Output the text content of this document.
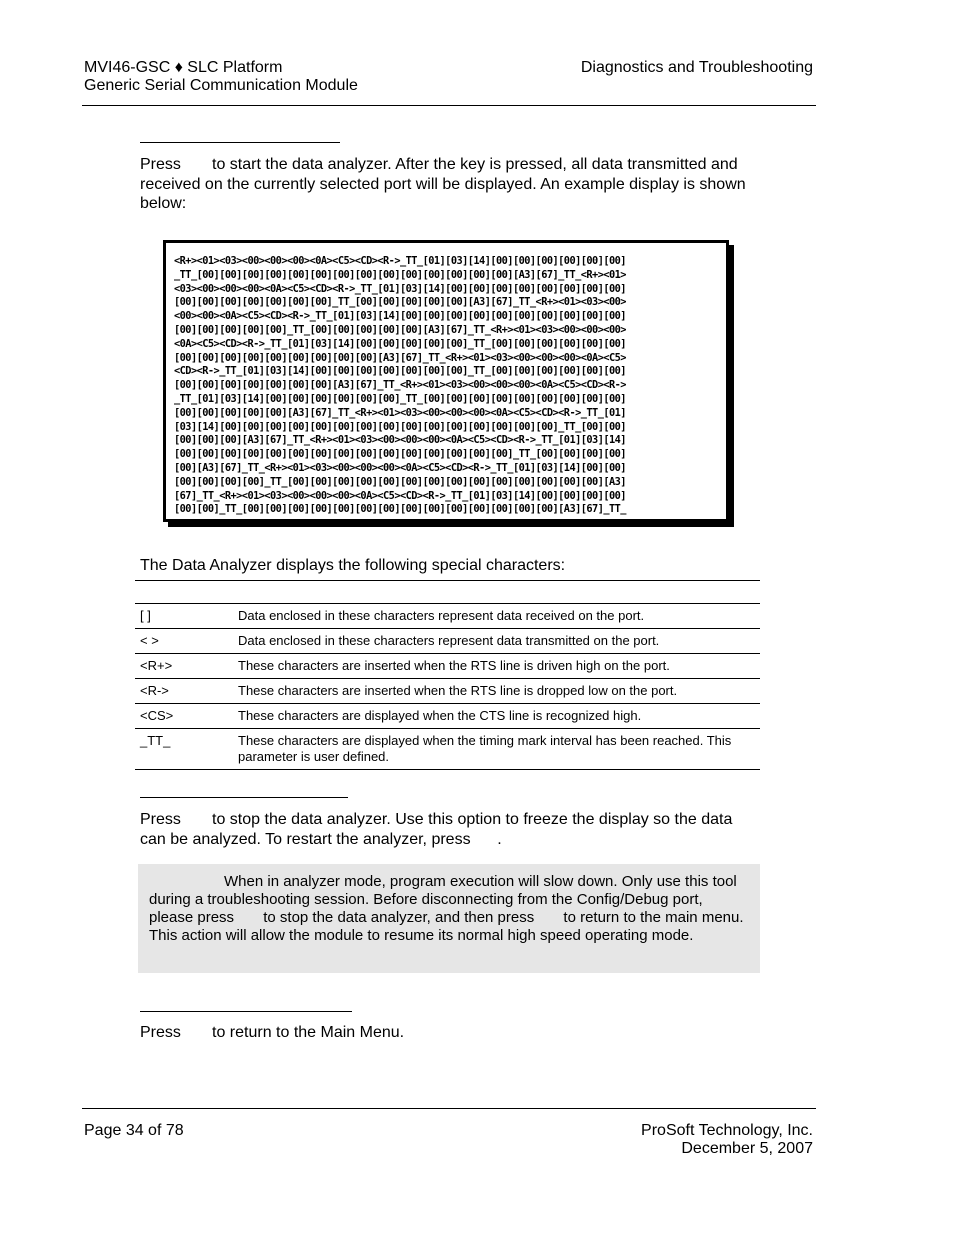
MVI46-GSC ♦ SLC Platform
Generic Serial Communication Module
Diagnostics and Troubleshooting
Press       to start the data analyzer. After the key is pressed, all data transmitted and received on the currently selected port will be displayed. An example display is shown below:
<R+><01><03><00><00><00><0A><C5><CD><R->_TT_[01][03][14][00][00][00][00][00][00]
_TT_[00][00][00][00][00][00][00][00][00][00][00][00][00][00][A3][67]_TT_<R+><01>
<03><00><00><00><0A><C5><CD><R->_TT_[01][03][14][00][00][00][00][00][00][00][00]
[00][00][00][00][00][00][00]_TT_[00][00][00][00][00][A3][67]_TT_<R+><01><03><00>
<00><00><0A><C5><CD><R->_TT_[01][03][14][00][00][00][00][00][00][00][00][00][00]
[00][00][00][00][00]_TT_[00][00][00][00][00][A3][67]_TT_<R+><01><03><00><00><00>
<0A><C5><CD><R->_TT_[01][03][14][00][00][00][00][00]_TT_[00][00][00][00][00][00]
[00][00][00][00][00][00][00][00][00][A3][67]_TT_<R+><01><03><00><00><00><0A><C5>
<CD><R->_TT_[01][03][14][00][00][00][00][00][00][00]_TT_[00][00][00][00][00][00]
[00][00][00][00][00][00][00][A3][67]_TT_<R+><01><03><00><00><00><0A><C5><CD><R->
_TT_[01][03][14][00][00][00][00][00][00]_TT_[00][00][00][00][00][00][00][00][00]
[00][00][00][00][00][A3][67]_TT_<R+><01><03><00><00><00><0A><C5><CD><R->_TT_[01]
[03][14][00][00][00][00][00][00][00][00][00][00][00][00][00][00][00]_TT_[00][00]
[00][00][00][A3][67]_TT_<R+><01><03><00><00><00><0A><C5><CD><R->_TT_[01][03][14]
[00][00][00][00][00][00][00][00][00][00][00][00][00][00][00]_TT_[00][00][00][00]
[00][A3][67]_TT_<R+><01><03><00><00><00><0A><C5><CD><R->_TT_[01][03][14][00][00]
[00][00][00][00]_TT_[00][00][00][00][00][00][00][00][00][00][00][00][00][00][A3]
[67]_TT_<R+><01><03><00><00><00><0A><C5><CD><R->_TT_[01][03][14][00][00][00][00]
[00][00]_TT_[00][00][00][00][00][00][00][00][00][00][00][00][00][00][A3][67]_TT_
The Data Analyzer displays the following special characters:
[ ]	Data enclosed in these characters represent data received on the port.
< >	Data enclosed in these characters represent data transmitted on the port.
<R+>	These characters are inserted when the RTS line is driven high on the port.
<R->	These characters are inserted when the RTS line is dropped low on the port.
<CS>	These characters are displayed when the CTS line is recognized high.
_TT_	These characters are displayed when the timing mark interval has been reached. This parameter is user defined.
Press       to stop the data analyzer. Use this option to freeze the display so the data can be analyzed. To restart the analyzer, press      .
When in analyzer mode, program execution will slow down. Only use this tool during a troubleshooting session. Before disconnecting from the Config/Debug port, please press       to stop the data analyzer, and then press       to return to the main menu. This action will allow the module to resume its normal high speed operating mode.
Press       to return to the Main Menu.
Page 34 of 78	ProSoft Technology, Inc.
December 5, 2007
